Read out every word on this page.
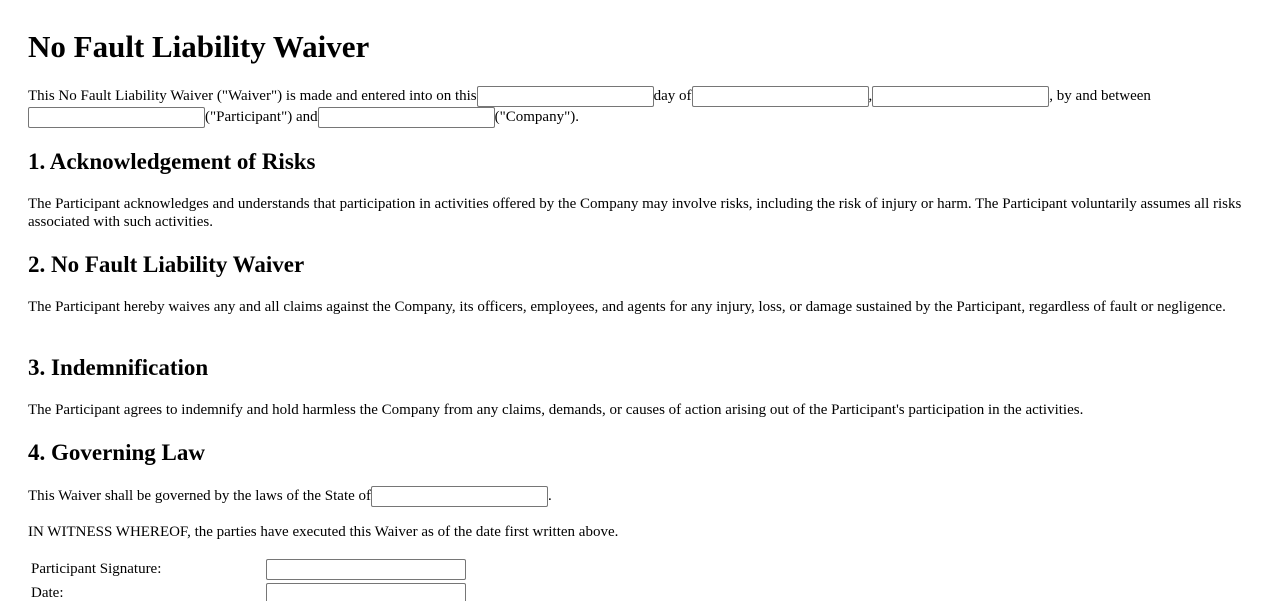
No Fault Liability Waiver
This No Fault Liability Waiver ("Waiver") is made and entered into on this	day of	,	, by and between
("Participant") and	("Company").
1. Acknowledgement of Risks

The Participant acknowledges and understands that participation in activities offered by the Company may involve risks, including the risk of injury or harm. The Participant voluntarily assumes all risks associated with such activities.

2. No Fault Liability Waiver

The Participant hereby waives any and all claims against the Company, its officers, employees, and agents for any injury, loss, or damage sustained by the Participant, regardless of fault or negligence.

3. Indemnification

The Participant agrees to indemnify and hold harmless the Company from any claims, demands, or causes of action arising out of the Participant's participation in the activities.

4. Governing Law

This Waiver shall be governed by the laws of the State of	.

IN WITNESS WHEREOF, the parties have executed this Waiver as of the date first written above.

Participant Signature:	
Date:	
